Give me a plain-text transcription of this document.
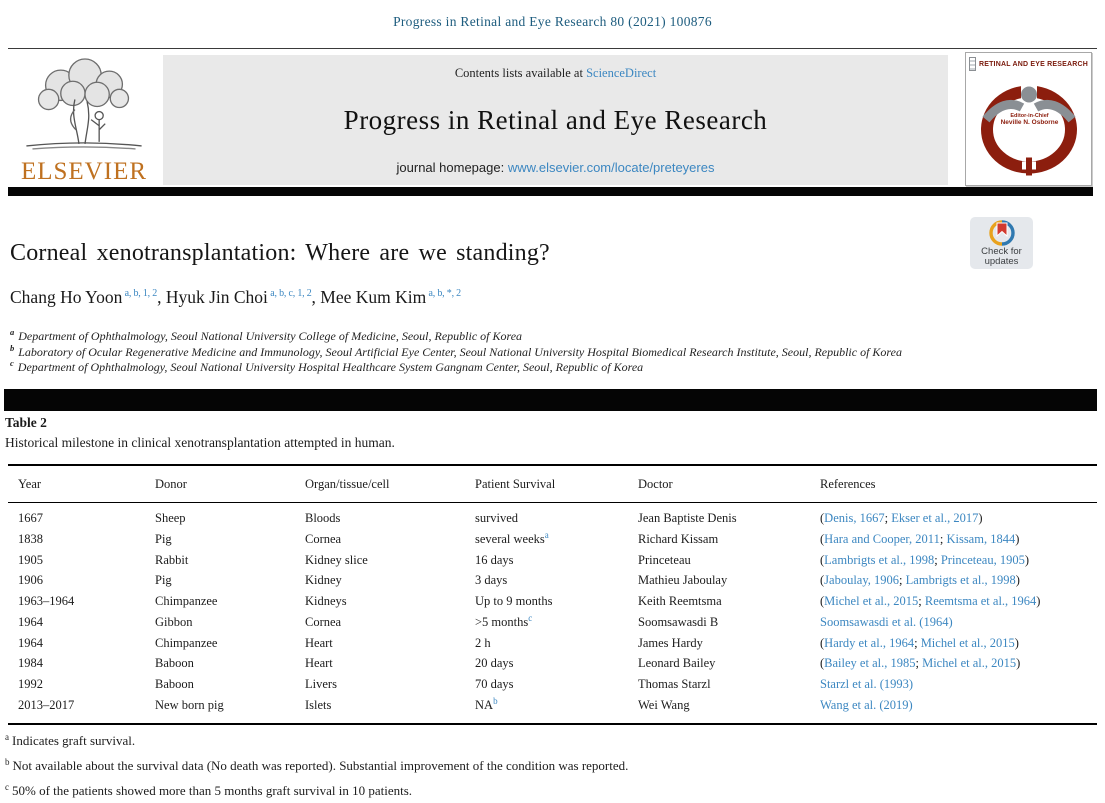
Progress in Retinal and Eye Research 80 (2021) 100876
ELSEVIER
Contents lists available at ScienceDirect
Progress in Retinal and Eye Research
journal homepage: www.elsevier.com/locate/preteyeres
RETINAL AND EYE RESEARCH
Editor-in-Chief
Neville N. Osborne
Corneal xenotransplantation: Where are we standing?	Check for
updates
Chang Ho Yoon $^{a, b, 1, 2}$, Hyuk Jin Choi $^{a, b, c, 1, 2}$, Mee Kum Kim $^{a, b, *, 2}$
$^a$ Department of Ophthalmology, Seoul National University College of Medicine, Seoul, Republic of Korea
$^b$ Laboratory of Ocular Regenerative Medicine and Immunology, Seoul Artificial Eye Center, Seoul National University Hospital Biomedical Research Institute, Seoul, Republic of Korea
$^c$ Department of Ophthalmology, Seoul National University Hospital Healthcare System Gangnam Center, Seoul, Republic of Korea
Table 2
Historical milestone in clinical xenotransplantation attempted in human.
Year	Donor	Organ/tissue/cell	Patient Survival	Doctor	References
1667	Sheep	Bloods	survived	Jean Baptiste Denis	(Denis, 1667; Ekser et al., 2017)
1838	Pig	Cornea	several weeks$^a$	Richard Kissam	(Hara and Cooper, 2011; Kissam, 1844)
1905	Rabbit	Kidney slice	16 days	Princeteau	(Lambrigts et al., 1998; Princeteau, 1905)
1906	Pig	Kidney	3 days	Mathieu Jaboulay	(Jaboulay, 1906; Lambrigts et al., 1998)
1963–1964	Chimpanzee	Kidneys	Up to 9 months	Keith Reemtsma	(Michel et al., 2015; Reemtsma et al., 1964)
1964	Gibbon	Cornea	>5 months$^c$	Soomsawasdi B	Soomsawasdi et al. (1964)
1964	Chimpanzee	Heart	2 h	James Hardy	(Hardy et al., 1964; Michel et al., 2015)
1984	Baboon	Heart	20 days	Leonard Bailey	(Bailey et al., 1985; Michel et al., 2015)
1992	Baboon	Livers	70 days	Thomas Starzl	Starzl et al. (1993)
2013–2017	New born pig	Islets	$NA^b$	Wei Wang	Wang et al. (2019)
$^a$ Indicates graft survival.
$^b$ Not available about the survival data (No death was reported). Substantial improvement of the condition was reported.
$^c$ 50% of the patients showed more than 5 months graft survival in 10 patients.
